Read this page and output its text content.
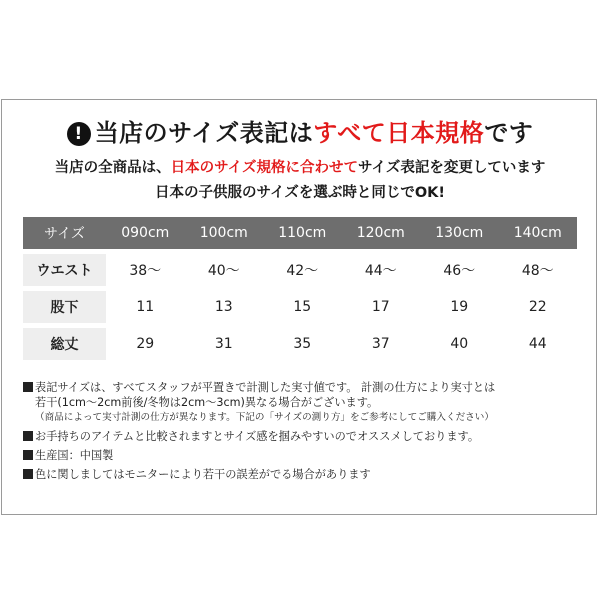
! 当店のサイズ表記はすべて日本規格です
当店の全商品は、日本のサイズ規格に合わせてサイズ表記を変更しています
日本の子供服のサイズを選ぶ時と同じでOK!
サイズ	090cm	100cm	110cm	120cm	130cm	140cm
ウエスト	38〜	40〜	42〜	44〜	46〜	48〜
股下	11	13	15	17	19	22
総丈	29	31	35	37	40	44
表記サイズは、すべてスタッフが平置きで計測した実寸値です。 計測の仕方により実寸とは
若干(1cm〜2cm前後/冬物は2cm〜3cm)異なる場合がございます。
（商品によって実寸計測の仕方が異なります。下記の「サイズの測り方」をご参考にしてご購入ください）
お手持ちのアイテムと比較されますとサイズ感を掴みやすいのでオススメしております。
生産国：中国製
色に関しましてはモニターにより若干の誤差がでる場合があります
